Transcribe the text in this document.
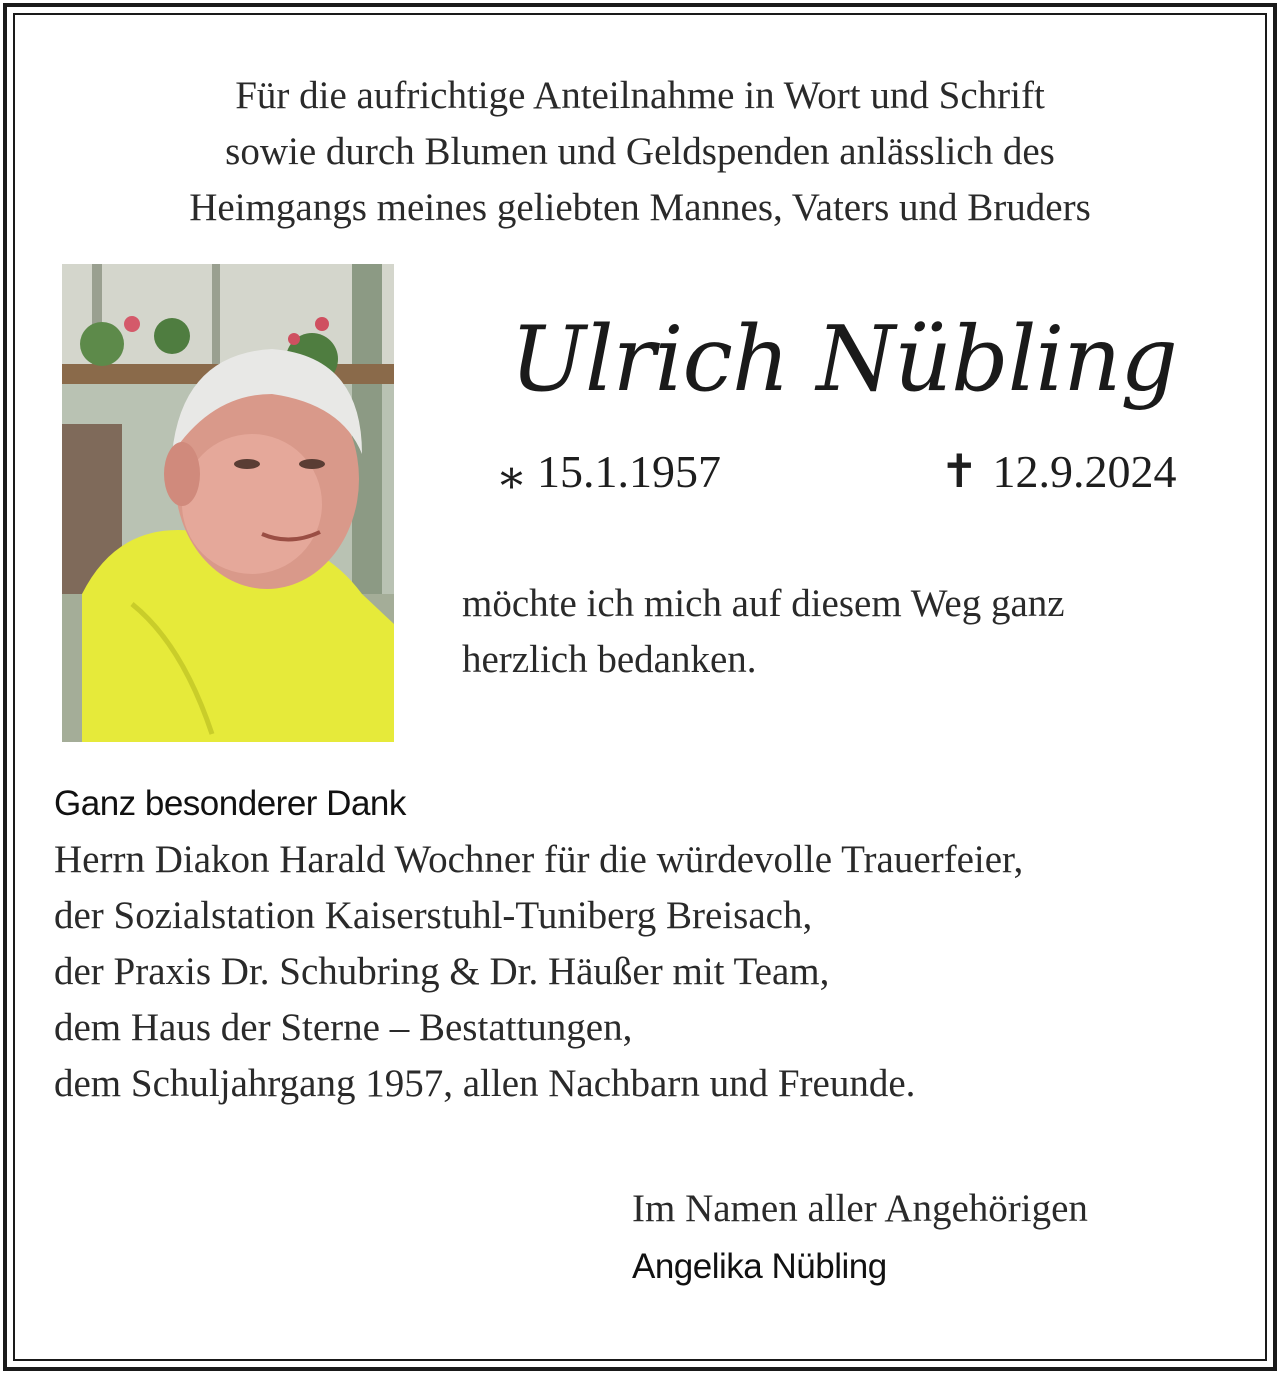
Für die aufrichtige Anteilnahme in Wort und Schrift
sowie durch Blumen und Geldspenden anlässlich des
Heimgangs meines geliebten Mannes, Vaters und Bruders
Ulrich Nübling
⁎ 15.1.1957	✝ 12.9.2024
möchte ich mich auf diesem Weg ganz
herzlich bedanken.
Ganz besonderer Dank
Herrn Diakon Harald Wochner für die würdevolle Trauerfeier,
der Sozialstation Kaiserstuhl-Tuniberg Breisach,
der Praxis Dr. Schubring & Dr. Häußer mit Team,
dem Haus der Sterne – Bestattungen,
dem Schuljahrgang 1957, allen Nachbarn und Freunde.
Im Namen aller Angehörigen
Angelika Nübling
